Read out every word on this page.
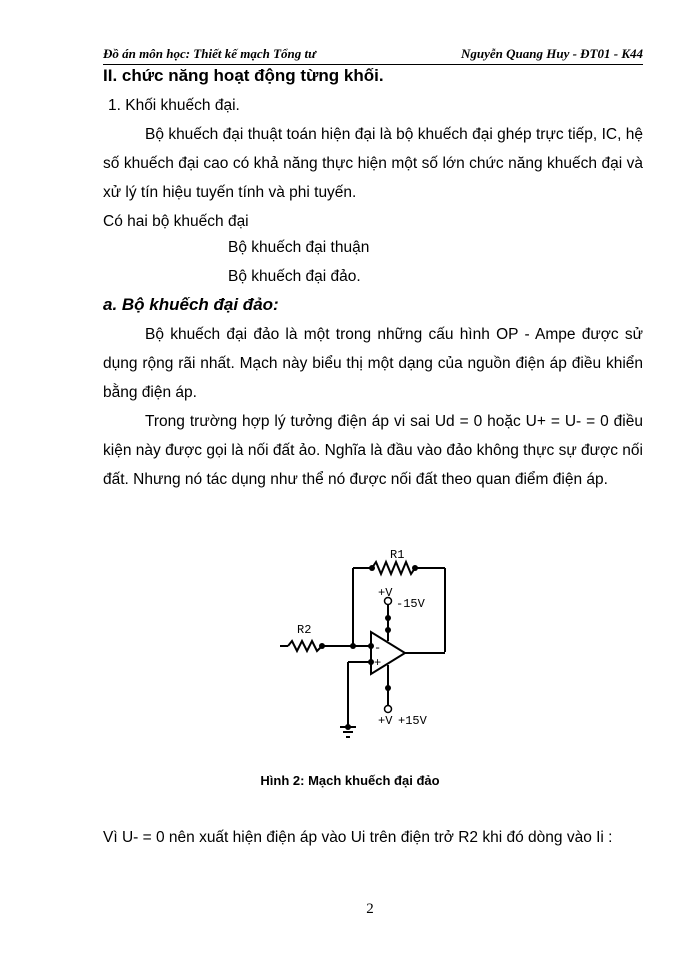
Đồ án môn học: Thiết kế mạch Tổng tư	Nguyễn Quang Huy - ĐT01 - K44
II. chức năng hoạt động từng khối.
1. Khối khuếch đại.

Bộ khuếch đại thuật toán hiện đại là bộ khuếch đại ghép trực tiếp, IC, hệ số khuếch đại cao có khả năng thực hiện một số lớn chức năng khuếch đại và xử lý tín hiệu tuyến tính và phi tuyến.

Có hai bộ khuếch đại

Bộ khuếch đại thuận
Bộ khuếch đại đảo.
a. Bộ khuếch đại đảo:

Bộ khuếch đại đảo là một trong những cấu hình OP - Ampe được sử dụng rộng rãi nhất. Mạch này biểu thị một dạng của nguồn điện áp điều khiển bằng điện áp.

Trong trường hợp lý tưởng điện áp vi sai Ud = 0 hoặc U+ = U- = 0 điều kiện này được gọi là nối đất ảo. Nghĩa là đầu vào đảo không thực sự được nối đất. Nhưng nó tác dụng như thể nó được nối đất theo quan điểm điện áp.

R1
R2
+V
-15V
-
+
+V +15V
Hình 2: Mạch khuếch đại đảo
Vì U- = 0 nên xuất hiện điện áp vào Ui trên điện trở R2 khi đó dòng vào Ii :
2
